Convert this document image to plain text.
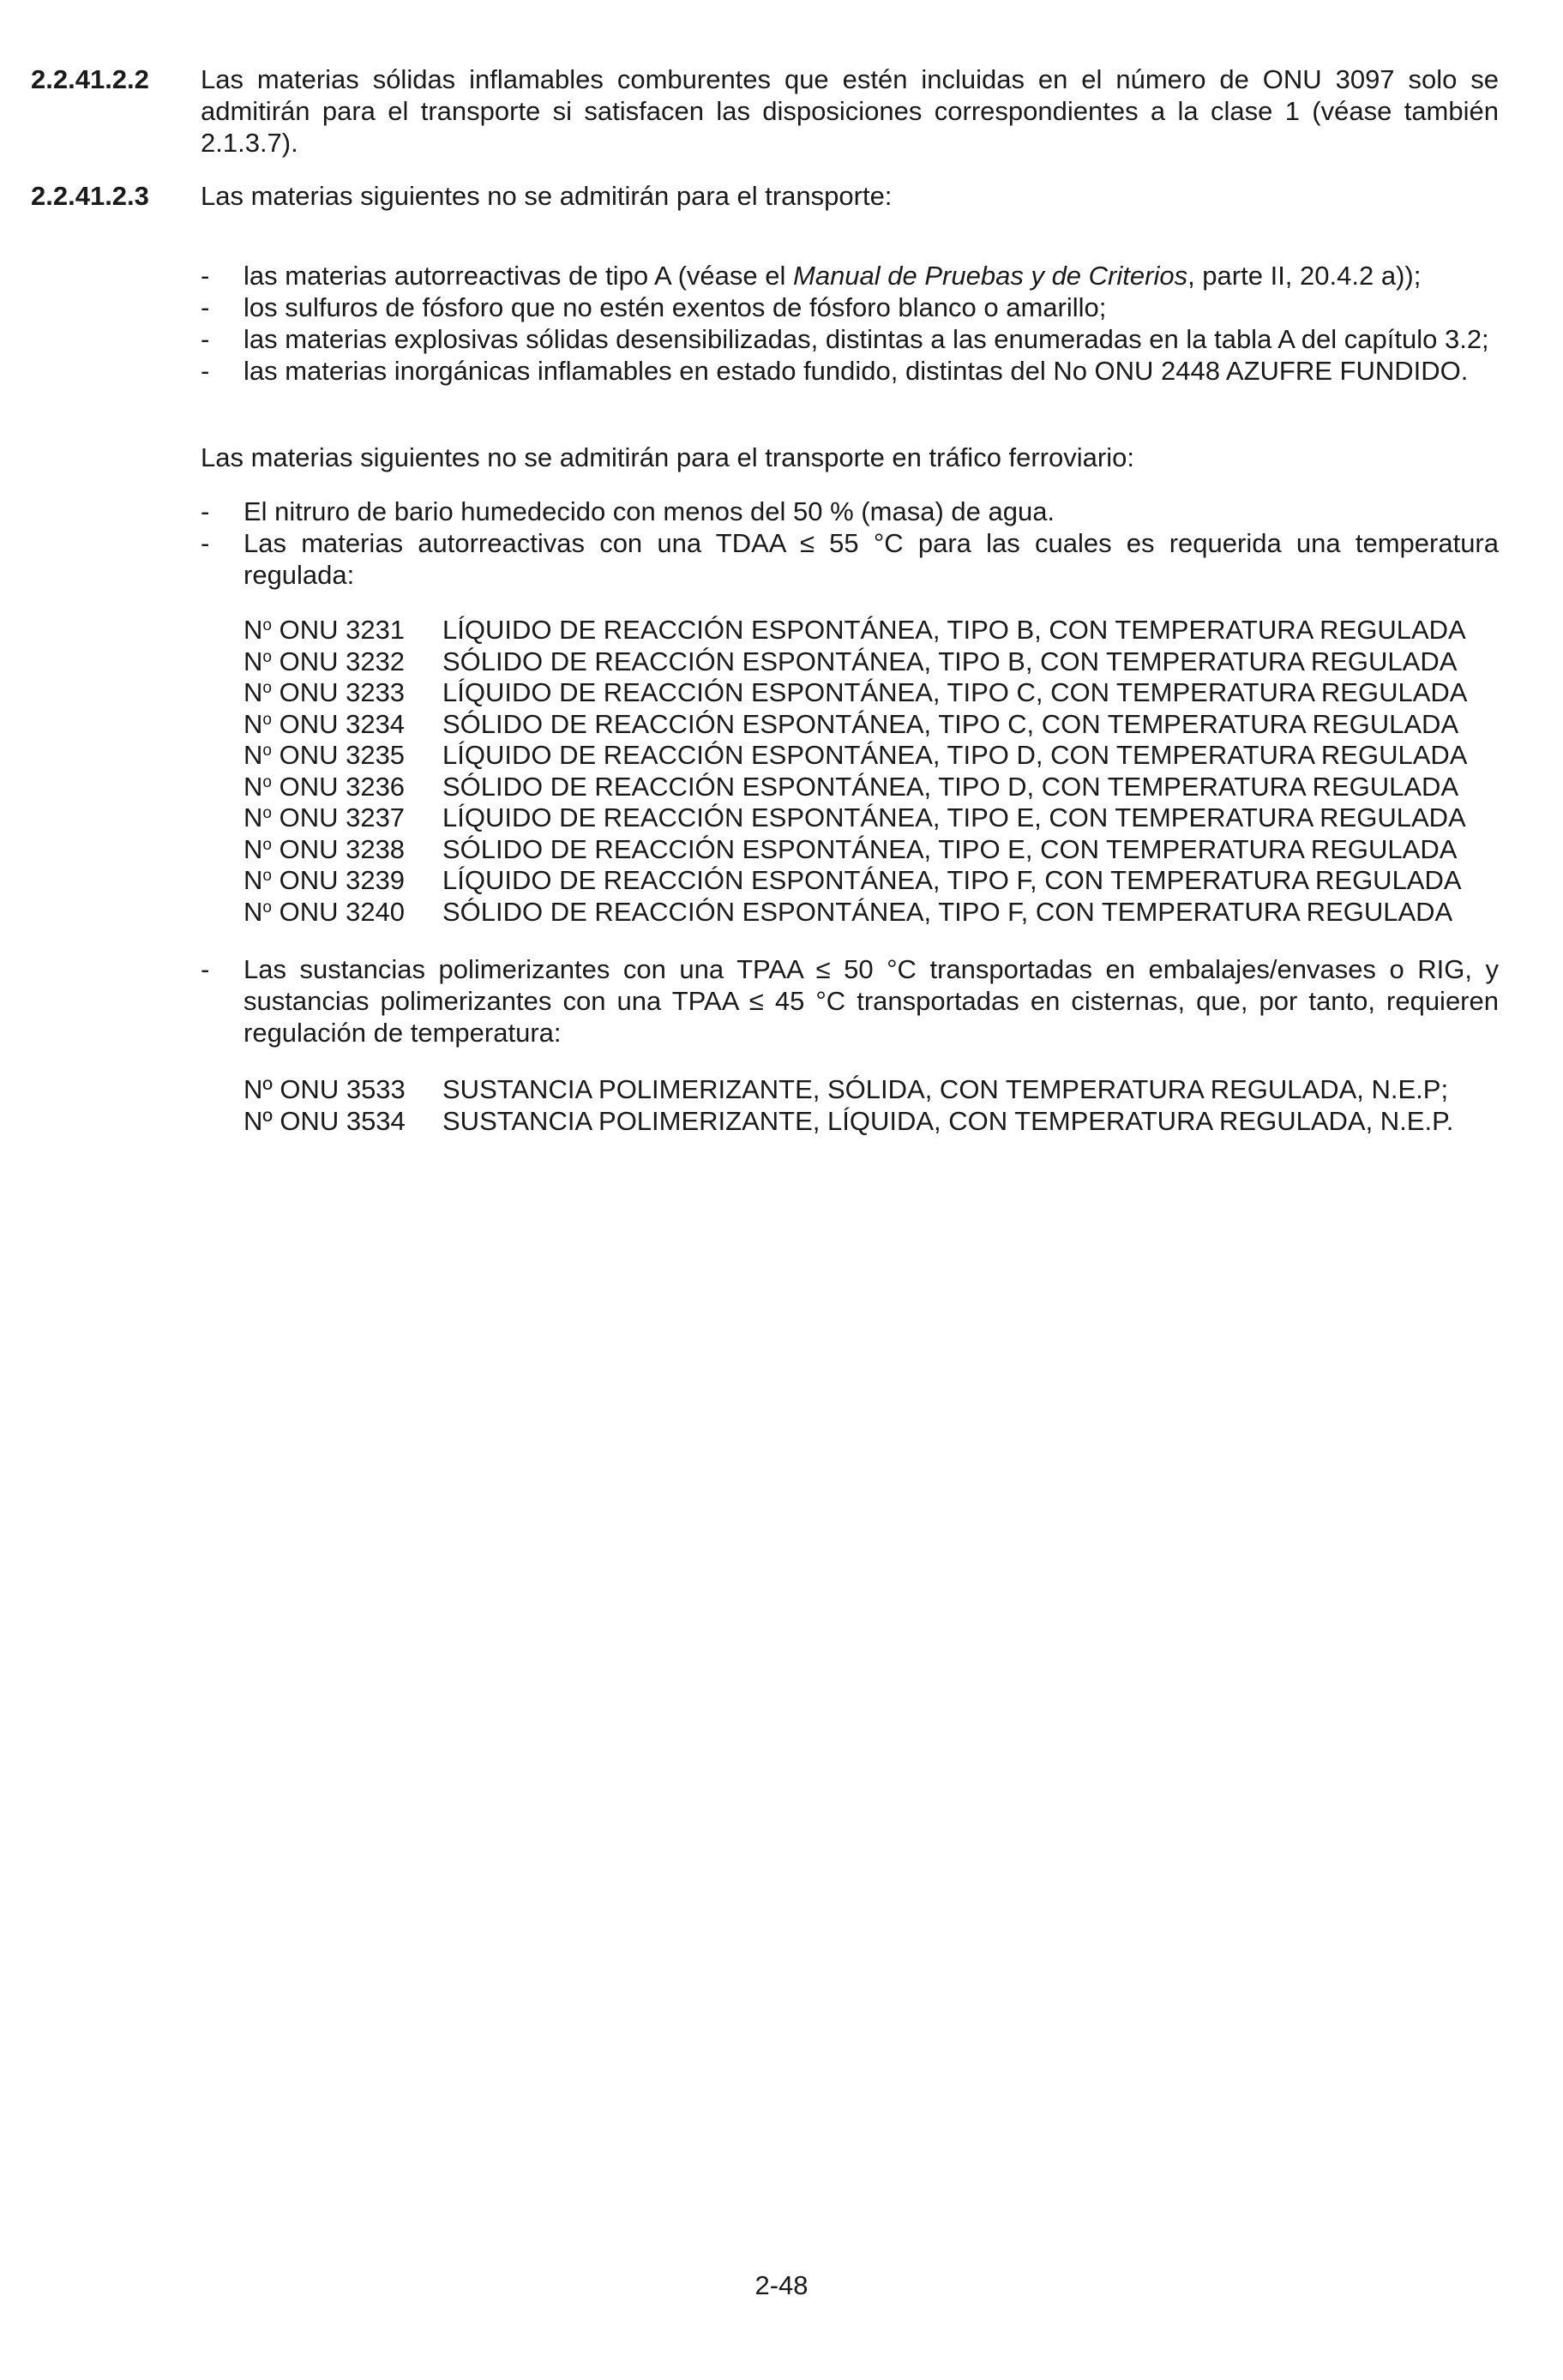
2.2.41.2.2 Las materias sólidas inflamables comburentes que estén incluidas en el número de ONU 3097 solo se admitirán para el transporte si satisfacen las disposiciones correspondientes a la clase 1 (véase también 2.1.3.7).
2.2.41.2.3 Las materias siguientes no se admitirán para el transporte:
- las materias autorreactivas de tipo A (véase el Manual de Pruebas y de Criterios, parte II, 20.4.2 a));
- los sulfuros de fósforo que no estén exentos de fósforo blanco o amarillo;
- las materias explosivas sólidas desensibilizadas, distintas a las enumeradas en la tabla A del capítulo 3.2;
- las materias inorgánicas inflamables en estado fundido, distintas del No ONU 2448 AZUFRE FUNDIDO.
Las materias siguientes no se admitirán para el transporte en tráfico ferroviario:
- El nitruro de bario humedecido con menos del 50 % (masa) de agua.
- Las materias autorreactivas con una TDAA ≤ 55 °C para las cuales es requerida una temperatura regulada:
$N^o$ ONU 3231	LÍQUIDO DE REACCIÓN ESPONTÁNEA, TIPO B, CON TEMPERATURA REGULADA
$N^o$ ONU 3232	SÓLIDO DE REACCIÓN ESPONTÁNEA, TIPO B, CON TEMPERATURA REGULADA
$N^o$ ONU 3233	LÍQUIDO DE REACCIÓN ESPONTÁNEA, TIPO C, CON TEMPERATURA REGULADA
$N^o$ ONU 3234	SÓLIDO DE REACCIÓN ESPONTÁNEA, TIPO C, CON TEMPERATURA REGULADA
$N^o$ ONU 3235	LÍQUIDO DE REACCIÓN ESPONTÁNEA, TIPO D, CON TEMPERATURA REGULADA
$N^o$ ONU 3236	SÓLIDO DE REACCIÓN ESPONTÁNEA, TIPO D, CON TEMPERATURA REGULADA
$N^o$ ONU 3237	LÍQUIDO DE REACCIÓN ESPONTÁNEA, TIPO E, CON TEMPERATURA REGULADA
$N^o$ ONU 3238	SÓLIDO DE REACCIÓN ESPONTÁNEA, TIPO E, CON TEMPERATURA REGULADA
$N^o$ ONU 3239	LÍQUIDO DE REACCIÓN ESPONTÁNEA, TIPO F, CON TEMPERATURA REGULADA
$N^o$ ONU 3240	SÓLIDO DE REACCIÓN ESPONTÁNEA, TIPO F, CON TEMPERATURA REGULADA
- Las sustancias polimerizantes con una TPAA ≤ 50 °C transportadas en embalajes/envases o RIG, y sustancias polimerizantes con una TPAA ≤ 45 °C transportadas en cisternas, que, por tanto, requieren regulación de temperatura:
Nº ONU 3533	SUSTANCIA POLIMERIZANTE, SÓLIDA, CON TEMPERATURA REGULADA, N.E.P;
Nº ONU 3534	SUSTANCIA POLIMERIZANTE, LÍQUIDA, CON TEMPERATURA REGULADA, N.E.P.
2-48
